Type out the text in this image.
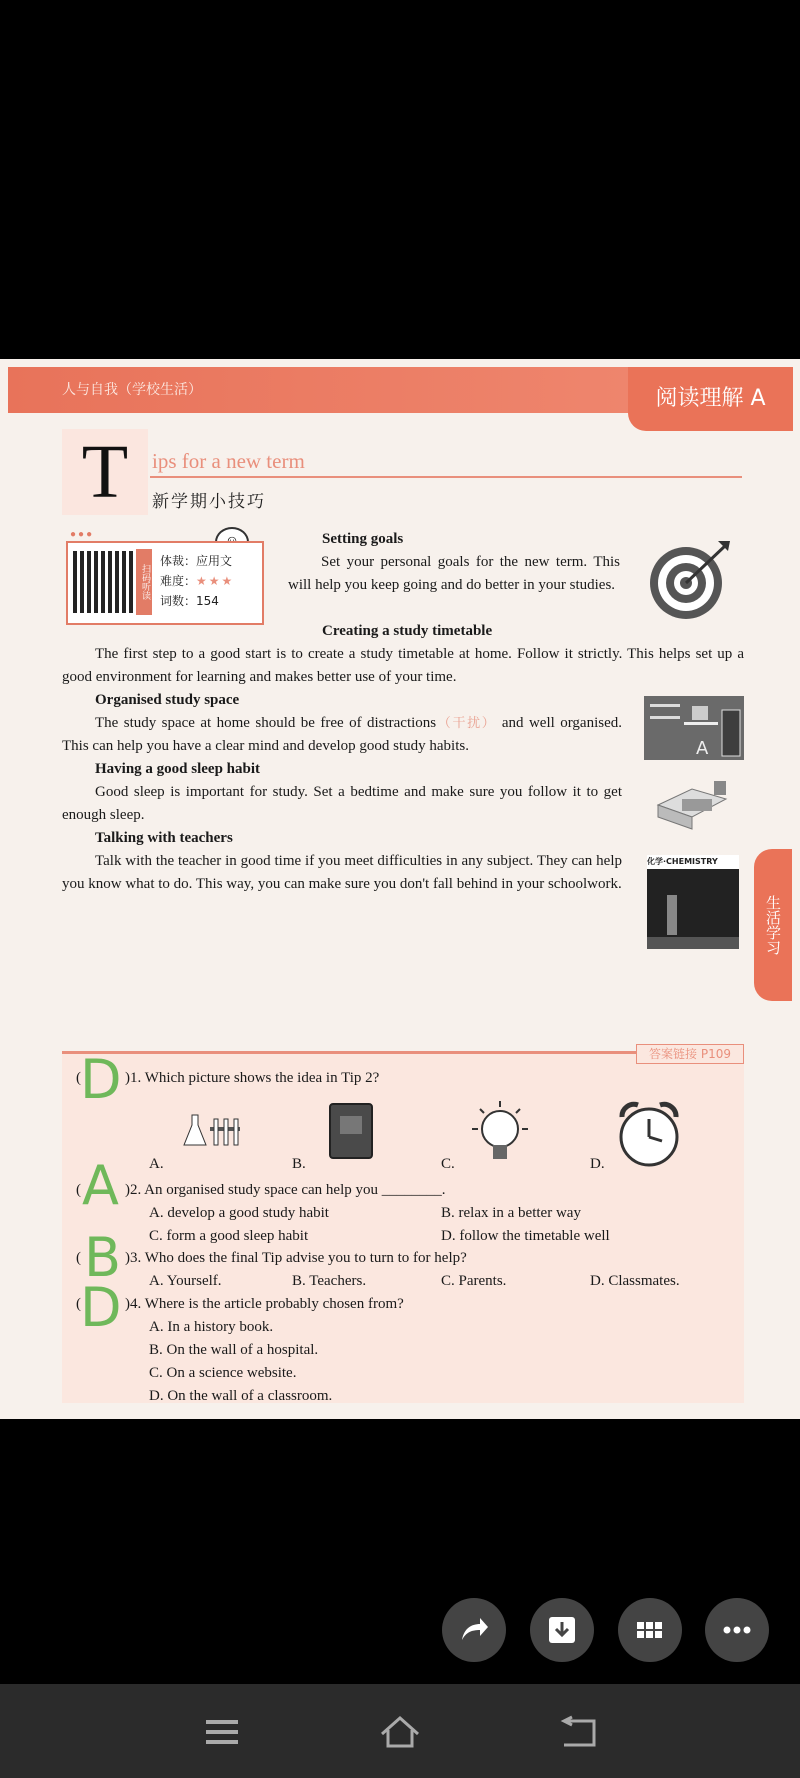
人与自我（学校生活）	阅读理解 A
T	ips for a new term
新学期小技巧
●●●
扫码听读
体裁：应用文
难度：★★★
词数：154
Setting goals
Set your personal goals for the new term. This will help you keep going and do better in your studies.
Creating a study timetable
The first step to a good start is to create a study timetable at home. Follow it strictly. This helps set up a good environment for learning and makes better use of your time.
Organised study space
The study space at home should be free of distractions（干扰） and well organised. This can help you have a clear mind and develop good study habits.
Having a good sleep habit
Good sleep is important for study. Set a bedtime and make sure you follow it to get enough sleep.
Talking with teachers
Talk with the teacher in good time if you meet difficulties in any subject. They can help you know what to do. This way, you can make sure you don't fall behind in your schoolwork.
A
化学·CHEMISTRY
生活学习
答案链接 P109
( D )1. Which picture shows the idea in Tip 2?
A.	B.	C.	D.
( A )2. An organised study space can help you ________.
A. develop a good study habit	B. relax in a better way
C. form a good sleep habit	D. follow the timetable well
( B )3. Who does the final Tip advise you to turn to for help?
A. Yourself.	B. Teachers.	C. Parents.	D. Classmates.
( D )4. Where is the article probably chosen from?
A. In a history book.
B. On the wall of a hospital.
C. On a science website.
D. On the wall of a classroom.
